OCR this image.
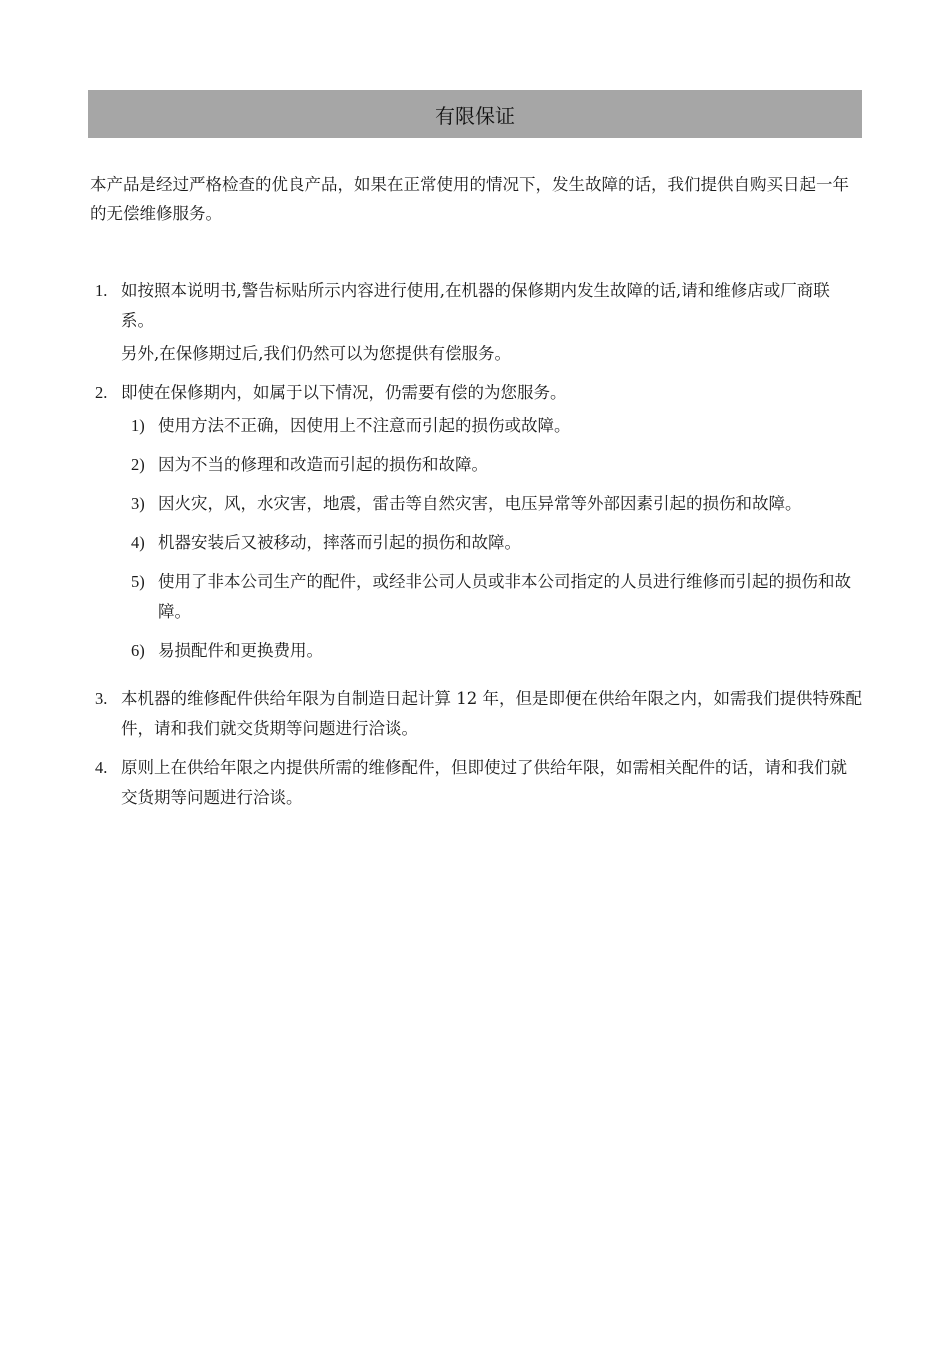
有限保证

本产品是经过严格检查的优良产品，如果在正常使用的情况下，发生故障的话，我们提供自购买日起一年的无偿维修服务。

1. 如按照本说明书,警告标贴所示内容进行使用,在机器的保修期内发生故障的话,请和维修店或厂商联系。

另外,在保修期过后,我们仍然可以为您提供有偿服务。

2. 即使在保修期内，如属于以下情况，仍需要有偿的为您服务。

1) 使用方法不正确，因使用上不注意而引起的损伤或故障。
2) 因为不当的修理和改造而引起的损伤和故障。
3) 因火灾，风，水灾害，地震，雷击等自然灾害，电压异常等外部因素引起的损伤和故障。
4) 机器安装后又被移动，摔落而引起的损伤和故障。
5) 使用了非本公司生产的配件，或经非公司人员或非本公司指定的人员进行维修而引起的损伤和故障。
6) 易损配件和更换费用。
3. 本机器的维修配件供给年限为自制造日起计算 12 年，但是即便在供给年限之内，如需我们提供特殊配件，请和我们就交货期等问题进行洽谈。

4. 原则上在供给年限之内提供所需的维修配件，但即使过了供给年限，如需相关配件的话，请和我们就交货期等问题进行洽谈。
